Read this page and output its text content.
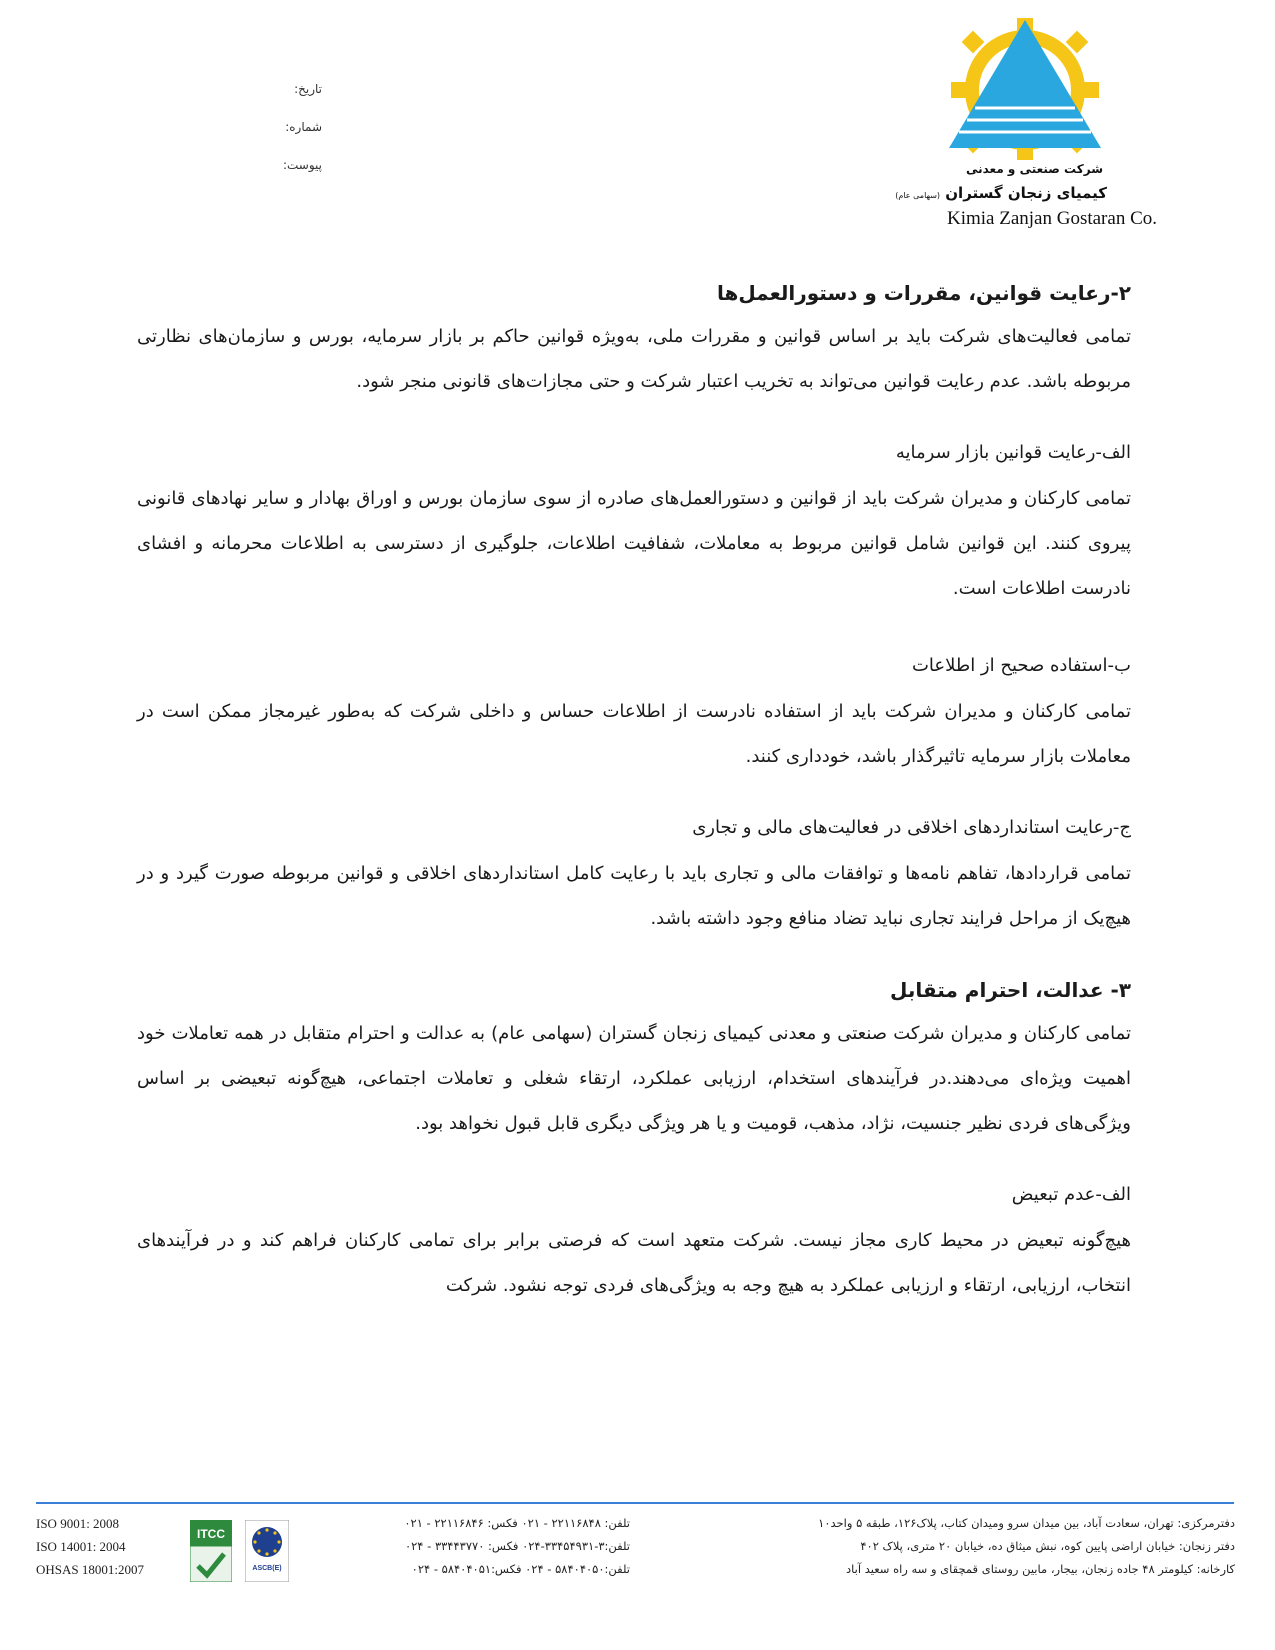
شرکت صنعتی و معدنی
کیمیای زنجان گستران (سهامی عام)
Kimia Zanjan Gostaran Co.
تاریخ:
شماره:
پیوست:
۲-رعایت قوانین، مقررات و دستورالعمل‌ها

تمامی فعالیت‌های شرکت باید بر اساس قوانین و مقررات ملی، به‌ویژه قوانین حاکم بر بازار سرمایه، بورس و سازمان‌های نظارتی مربوطه باشد. عدم رعایت قوانین می‌تواند به تخریب اعتبار شرکت و حتی مجازات‌های قانونی منجر شود.

الف-رعایت قوانین بازار سرمایه

تمامی کارکنان و مدیران شرکت باید از قوانین و دستورالعمل‌های صادره از سوی سازمان بورس و اوراق بهادار و سایر نهادهای قانونی پیروی کنند. این قوانین شامل قوانین مربوط به معاملات، شفافیت اطلاعات، جلوگیری از دسترسی به اطلاعات محرمانه و افشای نادرست اطلاعات است.

ب-استفاده صحیح از اطلاعات

تمامی کارکنان و مدیران شرکت باید از استفاده نادرست از اطلاعات حساس و داخلی شرکت که به‌طور غیرمجاز ممکن است در معاملات بازار سرمایه تاثیرگذار باشد، خودداری کنند.

ج-رعایت استانداردهای اخلاقی در فعالیت‌های مالی و تجاری

تمامی قراردادها، تفاهم نامه‌ها و توافقات مالی و تجاری باید با رعایت کامل استانداردهای اخلاقی و قوانین مربوطه صورت گیرد و در هیچ‌یک از مراحل فرایند تجاری نباید تضاد منافع وجود داشته باشد.

۳- عدالت، احترام متقابل

تمامی کارکنان و مدیران شرکت صنعتی و معدنی کیمیای زنجان گستران (سهامی عام) به عدالت و احترام متقابل در همه تعاملات خود اهمیت ویژه‌ای می‌دهند.در فرآیندهای استخدام، ارزیابی عملکرد، ارتقاء شغلی و تعاملات اجتماعی، هیچ‌گونه تبعیضی بر اساس ویژگی‌های فردی نظیر جنسیت، نژاد، مذهب، قومیت و یا هر ویژگی دیگری قابل قبول نخواهد بود.

الف-عدم تبعیض

هیچ‌گونه تبعیض در محیط کاری مجاز نیست. شرکت متعهد است که فرصتی برابر برای تمامی کارکنان فراهم کند و در فرآیندهای انتخاب، ارزیابی، ارتقاء و ارزیابی عملکرد به هیچ وجه به ویژگی‌های فردی توجه نشود. شرکت

دفترمرکزی: تهران، سعادت آباد، بین میدان سرو ومیدان کتاب، پلاک۱۲۶، طبقه ۵ واحد۱۰
دفتر زنجان: خیابان اراضی پایین کوه، نبش میثاق ده، خیابان ۲۰ متری، پلاک ۴۰۲
کارخانه: کیلومتر ۴۸ جاده زنجان، بیجار، مابین روستای قمچقای و سه راه سعید آباد
تلفن: ۲۲۱۱۶۸۴۸ - ۰۲۱ فکس: ۲۲۱۱۶۸۴۶ - ۰۲۱
تلفن:۳-۳۳۴۵۴۹۳۱-۰۲۴ فکس: ۳۳۴۴۳۷۷۰ - ۰۲۴
تلفن:۵۸۴۰۴۰۵۰ - ۰۲۴ فکس:۵۸۴۰۴۰۵۱ - ۰۲۴
ITCC
ASCB(E)
ISO 9001: 2008
ISO 14001: 2004
OHSAS 18001:2007
